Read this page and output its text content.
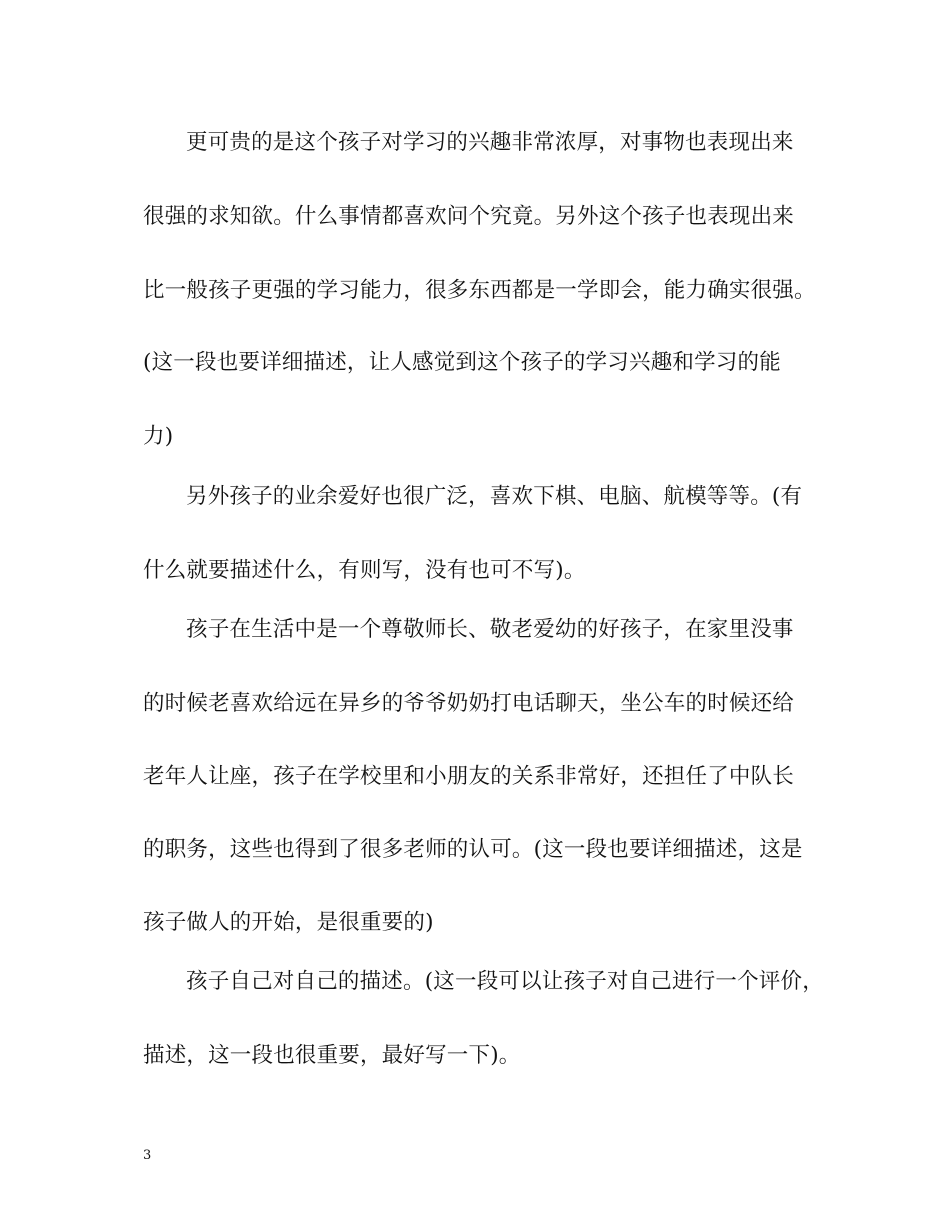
更可贵的是这个孩子对学习的兴趣非常浓厚，对事物也表现出来
很强的求知欲。什么事情都喜欢问个究竟。另外这个孩子也表现出来
比一般孩子更强的学习能力，很多东西都是一学即会，能力确实很强。
(这一段也要详细描述，让人感觉到这个孩子的学习兴趣和学习的能
力)
另外孩子的业余爱好也很广泛，喜欢下棋、电脑、航模等等。(有
什么就要描述什么，有则写，没有也可不写)。
孩子在生活中是一个尊敬师长、敬老爱幼的好孩子，在家里没事
的时候老喜欢给远在异乡的爷爷奶奶打电话聊天，坐公车的时候还给
老年人让座，孩子在学校里和小朋友的关系非常好，还担任了中队长
的职务，这些也得到了很多老师的认可。(这一段也要详细描述，这是
孩子做人的开始，是很重要的)
孩子自己对自己的描述。(这一段可以让孩子对自己进行一个评价，
描述，这一段也很重要，最好写一下)。
3
